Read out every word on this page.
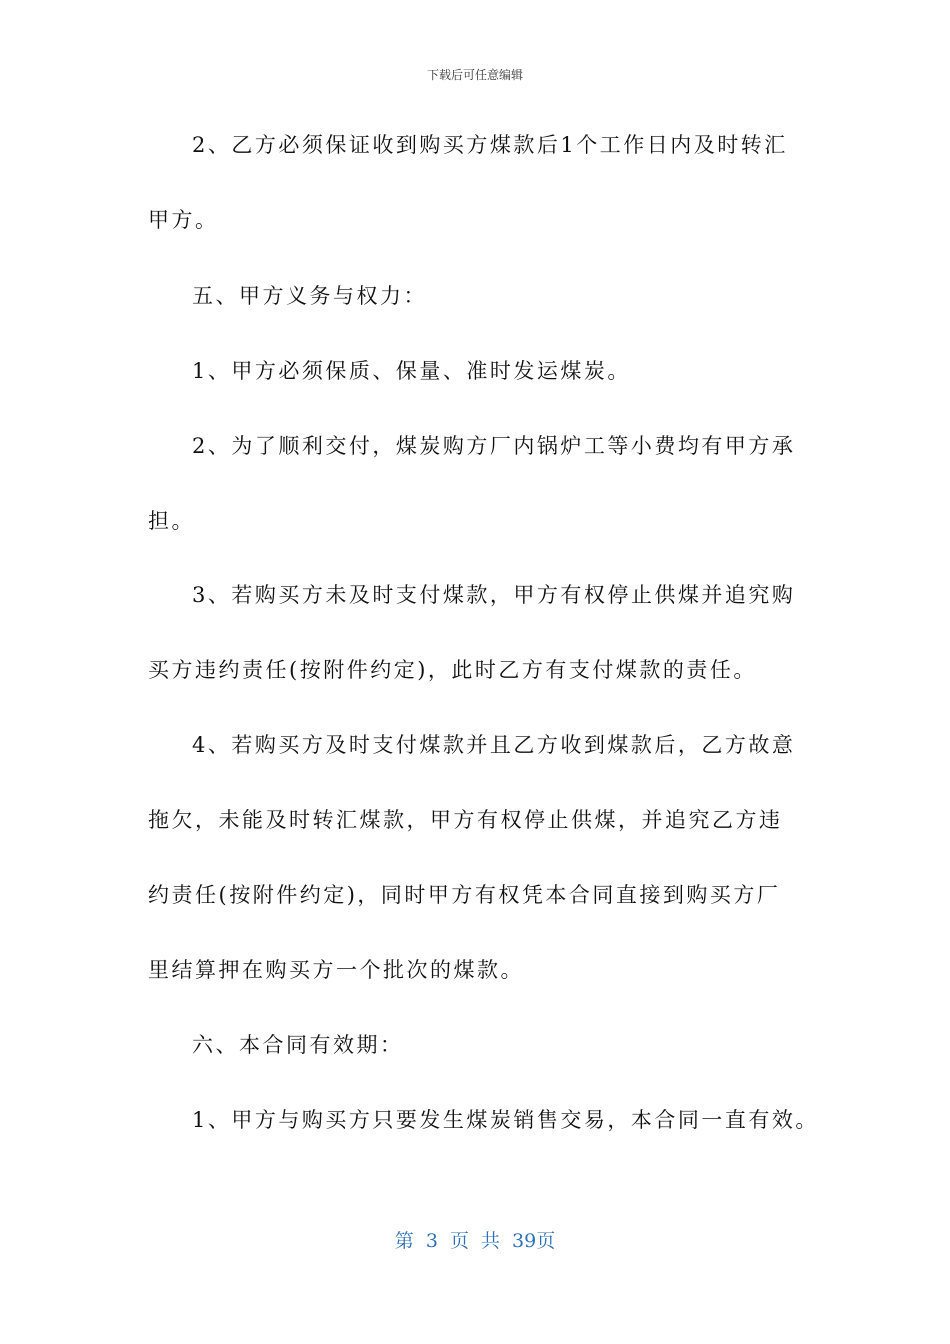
下载后可任意编辑
2、乙方必须保证收到购买方煤款后1个工作日内及时转汇
甲方。
五、甲方义务与权力：
1、甲方必须保质、保量、准时发运煤炭。
2、为了顺利交付，煤炭购方厂内锅炉工等小费均有甲方承
担。
3、若购买方未及时支付煤款，甲方有权停止供煤并追究购
买方违约责任(按附件约定)，此时乙方有支付煤款的责任。
4、若购买方及时支付煤款并且乙方收到煤款后，乙方故意
拖欠，未能及时转汇煤款，甲方有权停止供煤，并追究乙方违
约责任(按附件约定)，同时甲方有权凭本合同直接到购买方厂
里结算押在购买方一个批次的煤款。
六、本合同有效期：
1、甲方与购买方只要发生煤炭销售交易，本合同一直有效。
第 3 页 共 39页
